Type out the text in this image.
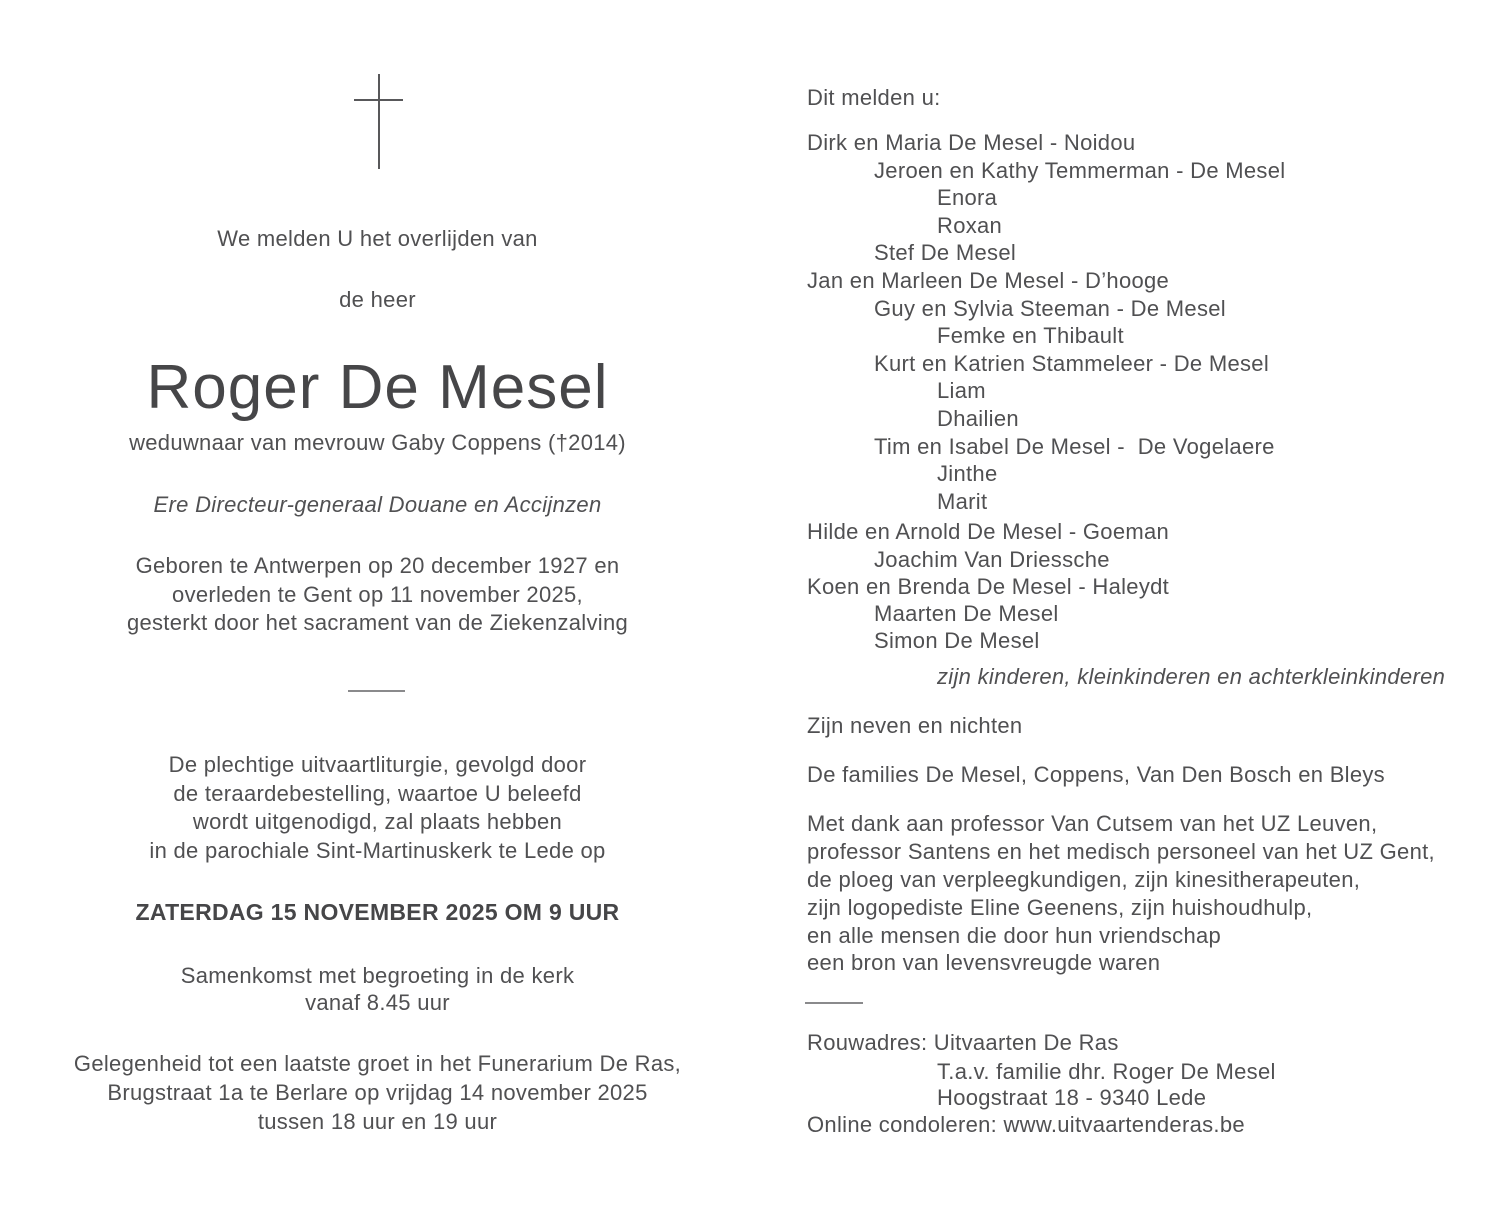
We melden U het overlijden van
de heer
Roger De Mesel
weduwnaar van mevrouw Gaby Coppens (†2014)
Ere Directeur-generaal Douane en Accijnzen
Geboren te Antwerpen op 20 december 1927 en
overleden te Gent op 11 november 2025,
gesterkt door het sacrament van de Ziekenzalving
De plechtige uitvaartliturgie, gevolgd door
de teraardebestelling, waartoe U beleefd
wordt uitgenodigd, zal plaats hebben
in de parochiale Sint-Martinuskerk te Lede op
ZATERDAG 15 NOVEMBER 2025 OM 9 UUR
Samenkomst met begroeting in de kerk
vanaf 8.45 uur
Gelegenheid tot een laatste groet in het Funerarium De Ras,
Brugstraat 1a te Berlare op vrijdag 14 november 2025
tussen 18 uur en 19 uur
Dit melden u:
Dirk en Maria De Mesel - Noidou
Jeroen en Kathy Temmerman - De Mesel
Enora
Roxan
Stef De Mesel
Jan en Marleen De Mesel - D’hooge
Guy en Sylvia Steeman - De Mesel
Femke en Thibault
Kurt en Katrien Stammeleer - De Mesel
Liam
Dhailien
Tim en Isabel De Mesel -  De Vogelaere
Jinthe
Marit
Hilde en Arnold De Mesel - Goeman
Joachim Van Driessche
Koen en Brenda De Mesel - Haleydt
Maarten De Mesel
Simon De Mesel
zijn kinderen, kleinkinderen en achterkleinkinderen
Zijn neven en nichten
De families De Mesel, Coppens, Van Den Bosch en Bleys
Met dank aan professor Van Cutsem van het UZ Leuven,
professor Santens en het medisch personeel van het UZ Gent,
de ploeg van verpleegkundigen, zijn kinesitherapeuten,
zijn logopediste Eline Geenens, zijn huishoudhulp,
en alle mensen die door hun vriendschap
een bron van levensvreugde waren
Rouwadres: Uitvaarten De Ras
T.a.v. familie dhr. Roger De Mesel
Hoogstraat 18 - 9340 Lede
Online condoleren: www.uitvaartenderas.be
